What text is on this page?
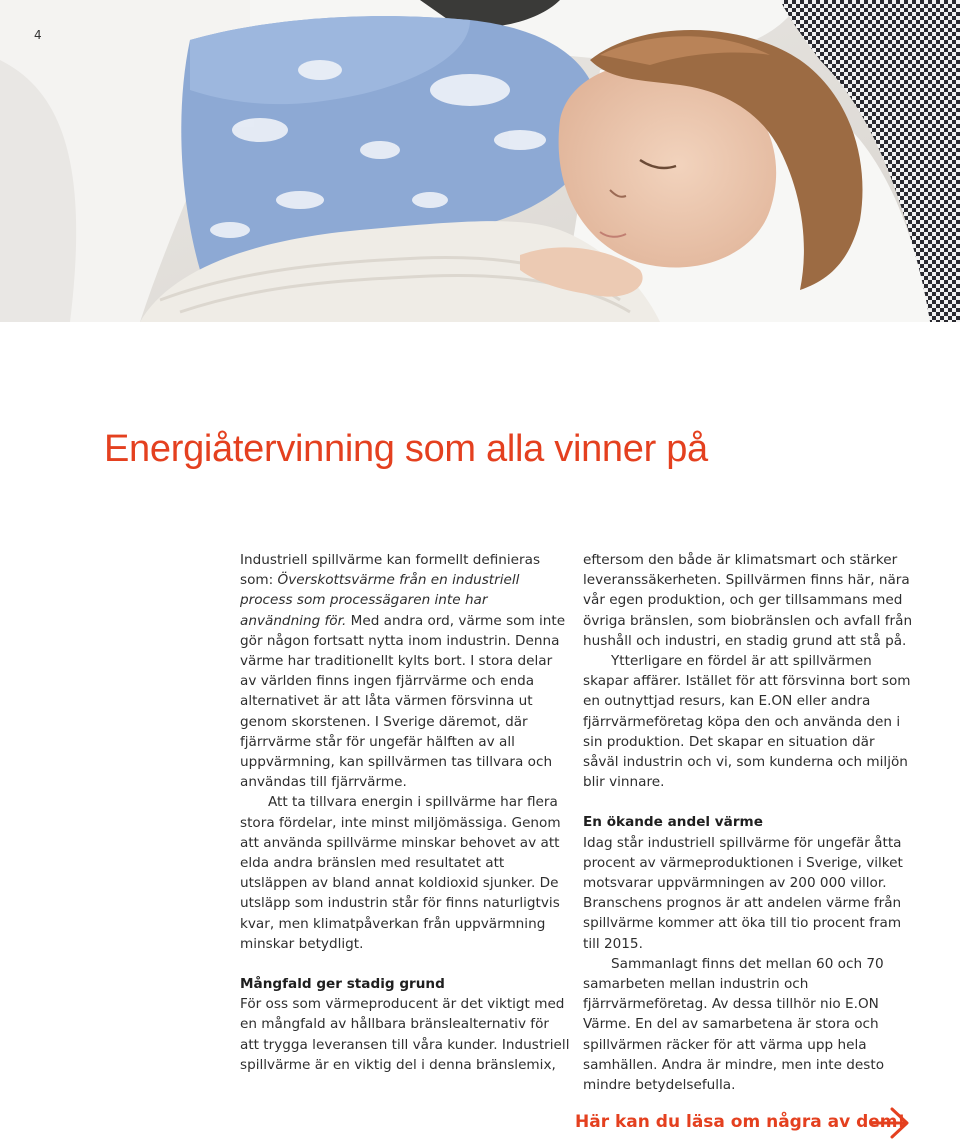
4
Energiåtervinning som alla vinner på

Industriell spillvärme kan formellt definieras som: Överskottsvärme från en industriell process som processägaren inte har användning för. Med andra ord, värme som inte gör någon fortsatt nytta inom industrin. Denna värme har traditionellt kylts bort. I stora delar av världen finns ingen fjärrvärme och enda alternativet är att låta värmen försvinna ut genom skorstenen. I Sverige däremot, där fjärrvärme står för ungefär hälften av all uppvärmning, kan spillvärmen tas tillvara och användas till fjärrvärme.

Att ta tillvara energin i spillvärme har flera stora fördelar, inte minst miljömässiga. Genom att använda spillvärme minskar behovet av att elda andra bränslen med resultatet att utsläppen av bland annat koldioxid sjunker. De utsläpp som industrin står för finns naturligtvis kvar, men klimatpåverkan från uppvärmning minskar betydligt.

Mångfald ger stadig grund

För oss som värmeproducent är det viktigt med en mångfald av hållbara bränslealternativ för att trygga leveransen till våra kunder. Industriell spillvärme är en viktig del i denna bränslemix,

eftersom den både är klimatsmart och stärker leveranssäkerheten. Spillvärmen finns här, nära vår egen produktion, och ger tillsammans med övriga bränslen, som biobränslen och avfall från hushåll och industri, en stadig grund att stå på.

Ytterligare en fördel är att spillvärmen skapar affärer. Istället för att försvinna bort som en outnyttjad resurs, kan E.ON eller andra fjärrvärmeföretag köpa den och använda den i sin produktion. Det skapar en situation där såväl industrin och vi, som kunderna och miljön blir vinnare.

En ökande andel värme

Idag står industriell spillvärme för ungefär åtta procent av värmeproduktionen i Sverige, vilket motsvarar uppvärmningen av 200 000 villor. Branschens prognos är att andelen värme från spillvärme kommer att öka till tio procent fram till 2015.

Sammanlagt finns det mellan 60 och 70 samarbeten mellan industrin och fjärrvärmeföretag. Av dessa tillhör nio E.ON Värme. En del av samarbetena är stora och spillvärmen räcker för att värma upp hela samhällen. Andra är mindre, men inte desto mindre betydelsefulla.

Här kan du läsa om några av dem!
